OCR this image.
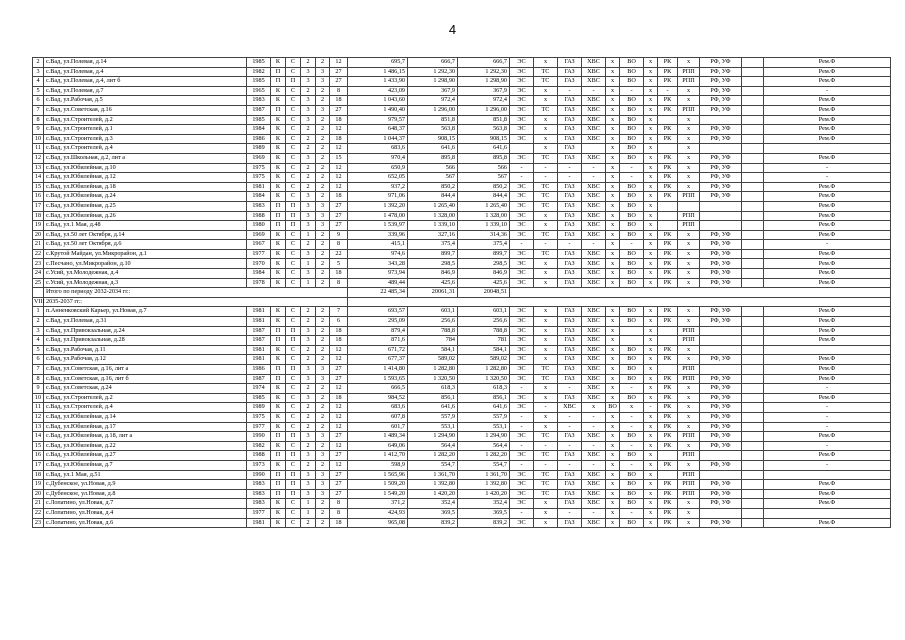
4
2	с.Вад, ул.Полевая, д.14	1985	К	С	2	2	12	695,7	666,7	666,7	ЭС	х	ГАЗ	ХВС	х	ВО	х	РК	х	РФ, УФ		Рем.Ф
3	с.Вад, ул.Полевая, д.4	1982	П	С	3	3	27	1 486,15	1 292,30	1 292,30	ЭС	ТС	ГАЗ	ХВС	х	ВО	х	РК	РПП	РФ, УФ		Рем.Ф
4	с.Вад, ул.Полевая, д.4, лит б	1985	П	П	3	3	27	1 433,90	1 298,90	1 298,90	ЭС	ТС	ГАЗ	ХВС	х	ВО	х	РК	РПП	РФ, УФ		Рем.Ф
5	с.Вад, ул.Полевая, д.7	1965	К	С	2	2	8	423,09	367,9	367,9	ЭС	х	-	-	х	-	х	-	х	РФ, УФ		-
6	с.Вад, ул.Рабочая, д.5	1983	К	С	3	2	18	1 043,60	972,4	972,4	ЭС	х	ГАЗ	ХВС	х	ВО	х	РК	х	РФ, УФ		Рем.Ф
7	с.Вад, ул.Советская, д.16	1987	П	С	3	3	27	1 490,40	1 296,00	1 296,00	ЭС	ТС	ГАЗ	ХВС	х	ВО	х	РК	РПП	РФ, УФ		Рем.Ф
8	с.Вад, ул.Строителей, д.2	1985	К	С	3	2	18	979,57	851,8	851,8	ЭС	х	ГАЗ	ХВС	х	ВО	х		х			Рем.Ф
9	с.Вад, ул.Строителей, д.1	1984	К	С	2	2	12	648,37	563,8	563,8	ЭС	х	ГАЗ	ХВС	х	ВО	х	РК	х	РФ, УФ		Рем.Ф
10	с.Вад, ул.Строителей, д.3	1986	К	С	2	2	18	1 044,37	908,15	908,15	ЭС	х	ГАЗ	ХВС	х	ВО	х	РК	х	РФ, УФ		Рем.Ф
11	с.Вад, ул.Строителей, д.4	1989	К	С	2	2	12	683,6	641,6	641,6		х	ГАЗ		х	ВО	х		х			
12	с.Вад, ул.Школьная, д.2, лит а	1969	К	С	3	2	15	970,4	895,8	895,8	ЭС	ТС	ГАЗ	ХВС	х	ВО	х	РК	х	РФ, УФ		Рем.Ф
13	с.Вад, ул.Юбилейная, д.10	1975	К	С	2	2	12	650,9	566	566	-	-	-	-	х	-	х	РК	х	РФ, УФ		-
14	с.Вад, ул.Юбилейная, д.12	1975	К	С	2	2	12	652,05	567	567	-	-	-	-	х	-	х	РК	х	РФ, УФ		-
15	с.Вад, ул.Юбилейная, д.18	1981	К	С	2	2	12	937,2	850,2	850,2	ЭС	ТС	ГАЗ	ХВС	х	ВО	х	РК	х	РФ, УФ		Рем.Ф
16	с.Вад, ул.Юбилейная, д.24	1984	К	С	3	2	18	971,06	844,4	844,4	ЭС	ТС	ГАЗ	ХВС	х	ВО	х	РК	РПП	РФ, УФ		Рем.Ф
17	с.Вад, ул.Юбилейная, д.25	1983	П	П	3	3	27	1 392,20	1 265,40	1 265,40	ЭС	ТС	ГАЗ	ХВС	х	ВО	х					Рем.Ф
18	с.Вад, ул.Юбилейная, д.26	1988	П	П	3	3	27	1 478,00	1 328,00	1 328,00	ЭС	х	ГАЗ	ХВС	х	ВО	х		РПП			Рем.Ф
19	с.Вад, ул.1 Мая, д.48	1980	П	П	3	3	27	1 539,97	1 339,10	1 339,10	ЭС	х	ГАЗ	ХВС	х	ВО	х		РПП			Рем.Ф
20	с.Вад, ул.50 лет Октября, д.14	1969	К	С	1	2	9	339,96	327,16	314,36	ЭС	ТС	ГАЗ	ХВС	х	ВО	х	РК	х	РФ, УФ		Рем.Ф
21	с.Вад, ул.50 лет Октября, д.6	1967	К	С	2	2	8	415,1	375,4	375,4	-	-	-	-	х	-	х	РК	х	РФ, УФ		-
22	с.Крутой Майдан, ул.Микрорайон, д.1	1977	К	С	3	2	22	974,6	899,7	899,7	ЭС	ТС	ГАЗ	ХВС	х	ВО	х	РК	х	РФ, УФ		Рем.Ф
23	с.Песчано, ул.Микрорайон, д.10	1970	К	С	1	2	5	343,28	298,5	298,5	ЭС	х	ГАЗ	ХВС	х	ВО	х	РК	х	РФ, УФ		Рем.Ф
24	с.Усий, ул.Молодежная, д.4	1984	К	С	3	2	18	973,94	846,9	846,9	ЭС	х	ГАЗ	ХВС	х	ВО	х	РК	х	РФ, УФ		Рем.Ф
25	с.Усий, ул.Молодежная, д.3	1978	К	С	1	2	8	489,44	425,6	425,6	ЭС	х	ГАЗ	ХВС	х	ВО	х	РК	х	РФ, УФ		Рем.Ф
	Итого по периоду 2032-2034 гг.:							22 485,34	20061,31	20048,51												
VIII	2035-2037 гг.:																					
1	п.Анненковский Карьер, ул.Новая, д.7	1981	К	С	2	2	7	693,57	603,1	603,1	ЭС	х	ГАЗ	ХВС	х	ВО	х	РК	х	РФ, УФ		Рем.Ф
2	с.Вад, ул.Полевая, д.31	1981	К	С	2	2	6	295,09	256,6	256,6	ЭС	х	ГАЗ	ХВС	х	ВО	х	РК	х	РФ, УФ		Рем.Ф
3	с.Вад, ул.Привокзальная, д.24	1987	П	П	3	2	18	879,4	788,8	788,8	ЭС	х	ГАЗ	ХВС	х		х		РПП			Рем.Ф
4	с.Вад, ул.Привокзальная, д.28	1987	П	П	3	2	18	871,6	784	781	ЭС	х	ГАЗ	ХВС	х		х		РПП			Рем.Ф
5	с.Вад, ул.Рабочая, д.11	1981	К	С	2	2	12	671,72	584,1	584,1	ЭС	х	ГАЗ	ХВС	х	ВО	х	РК	х			
6	с.Вад, ул.Рабочая, д.12	1981	К	С	2	2	12	677,37	589,02	589,02	ЭС	х	ГАЗ	ХВС	х	ВО	х	РК	х	РФ, УФ		Рем.Ф
7	с.Вад, ул.Советская, д.16, лит а	1986	П	П	3	3	27	1 414,80	1 282,80	1 282,80	ЭС	ТС	ГАЗ	ХВС	х	ВО	х		РПП			Рем.Ф
8	с.Вад, ул.Советская, д.16, лит б	1987	П	С	3	3	27	1 593,65	1 320,50	1 320,50	ЭС	ТС	ГАЗ	ХВС	х	ВО	х	РК	РПП	РФ, УФ		Рем.Ф
9	с.Вад, ул.Советская, д.24	1974	К	С	2	2	12	666,5	618,3	618,3	-	х	-	ХВС	х	-	х	РК	х	РФ, УФ		-
10	с.Вад, ул.Строителей, д.2	1985	К	С	3	2	18	984,52	856,1	856,1	ЭС	х	ГАЗ	ХВС	х	ВО	х	РК	х	РФ, УФ		Рем.Ф
11	с.Вад, ул.Строителей, д.4	1989	К	С	2	2	12	683,6	641,6	641,6	ЭС	-	ХВС	х	ВО	х	-	РК	х	РФ, УФ		-
12	с.Вад, ул.Юбилейная, д.14	1975	К	С	2	2	12	607,8	557,9	557,9	-	х	-	-	х	-	х	РК	х	РФ, УФ		-
13	с.Вад, ул.Юбилейная, д.17	1977	К	С	2	2	12	601,7	553,1	553,1	-	х	-	-	х	-	х	РК	х	РФ, УФ		-
14	с.Вад, ул.Юбилейная, д.18, лит а	1990	П	П	3	3	27	1 489,34	1 294,90	1 294,90	ЭС	ТС	ГАЗ	ХВС	х	ВО	х	РК	РПП	РФ, УФ		Рем.Ф
15	с.Вад, ул.Юбилейная, д.22	1982	К	С	2	2	12	649,06	564,4	564,4	-	-	-	-	х	-	х	РК	х	РФ, УФ		-
16	с.Вад, ул.Юбилейная, д.27	1988	П	П	3	3	27	1 412,70	1 282,20	1 282,20	ЭС	ТС	ГАЗ	ХВС	х	ВО	х		РПП			Рем.Ф
17	с.Вад, ул.Юбилейная, д.7	1973	К	С	2	2	12	598,9	554,7	554,7	-	-	-	-	х	-	х	РК	х	РФ, УФ		-
18	с.Вад, ул.1 Мая, д.51	1990	П	П	3	3	27	1 565,96	1 361,70	1 361,70	ЭС	ТС	ГАЗ	ХВС	х	ВО	х		РПП			
19	с.Дубенское, ул.Новая, д.9	1983	П	П	3	3	27	1 509,20	1 392,80	1 392,80	ЭС	ТС	ГАЗ	ХВС	х	ВО	х	РК	РПП	РФ, УФ		Рем.Ф
20	с.Дубенское, ул.Новая, д.8	1983	П	П	3	3	27	1 549,20	1 420,20	1 420,20	ЭС	ТС	ГАЗ	ХВС	х	ВО	х	РК	РПП	РФ, УФ		Рем.Ф
21	с.Лопатино, ул.Новая, д.7	1983	К	С	1	2	8	371,2	352,4	352,4	ЭС	х	ГАЗ	ХВС	х	ВО	х	РК	х	РФ, УФ		Рем.Ф
22	с.Лопатино, ул.Новая, д.4	1977	К	С	1	2	8	424,93	369,5	369,5	-	х	-	-	х	-	х	РК	х			
23	с.Лопатино, ул.Новая, д.6	1981	К	С	2	2	18	965,08	839,2	839,2	ЭС	х	ГАЗ	ХВС	х	ВО	х	РК	х	РФ, УФ		Рем.Ф
